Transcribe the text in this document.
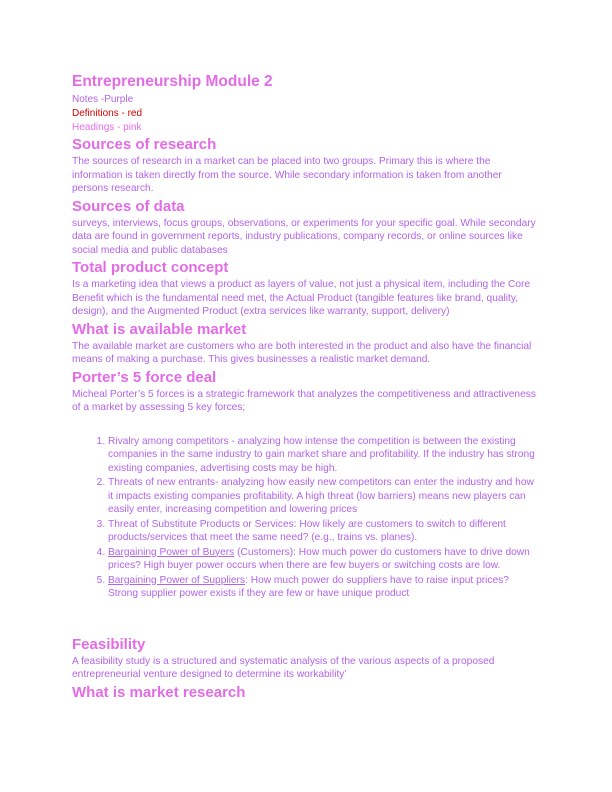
Entrepreneurship Module 2
Notes -Purple
Definitions - red
Headings - pink
Sources of research

The sources of research in a market can be placed into two groups. Primary this is where the information is taken directly from the source. While secondary information is taken from another persons research.

Sources of data

surveys, interviews, focus groups, observations, or experiments for your specific goal. While secondary data are found in government reports, industry publications, company records, or online sources like social media and public databases

Total product concept

Is a marketing idea that views a product as layers of value, not just a physical item, including the Core Benefit which is the fundamental need met, the Actual Product (tangible features like brand, quality, design), and the Augmented Product (extra services like warranty, support, delivery)

What is available market

The available market are customers who are both interested in the product and also have the financial means of making a purchase. This gives businesses a realistic market demand.

Porter’s 5 force deal

Micheal Porter’s 5 forces is a strategic framework that analyzes the competitiveness and attractiveness of a market by assessing 5 key forces;

1. Rivalry among competitors - analyzing how intense the competition is between the existing companies in the same industry to gain market share and profitability. If the industry has strong existing companies, advertising costs may be high.
2. Threats of new entrants- analyzing how easily new competitors can enter the industry and how it impacts existing companies profitability. A high threat (low barriers) means new players can easily enter, increasing competition and lowering prices
3. Threat of Substitute Products or Services: How likely are customers to switch to different products/services that meet the same need? (e.g., trains vs. planes).
4. Bargaining Power of Buyers (Customers): How much power do customers have to drive down prices? High buyer power occurs when there are few buyers or switching costs are low.
5. Bargaining Power of Suppliers: How much power do suppliers have to raise input prices? Strong supplier power exists if they are few or have unique product
Feasibility

A feasibility study is a structured and systematic analysis of the various aspects of a proposed entrepreneurial venture designed to determine its workability’

What is market research
